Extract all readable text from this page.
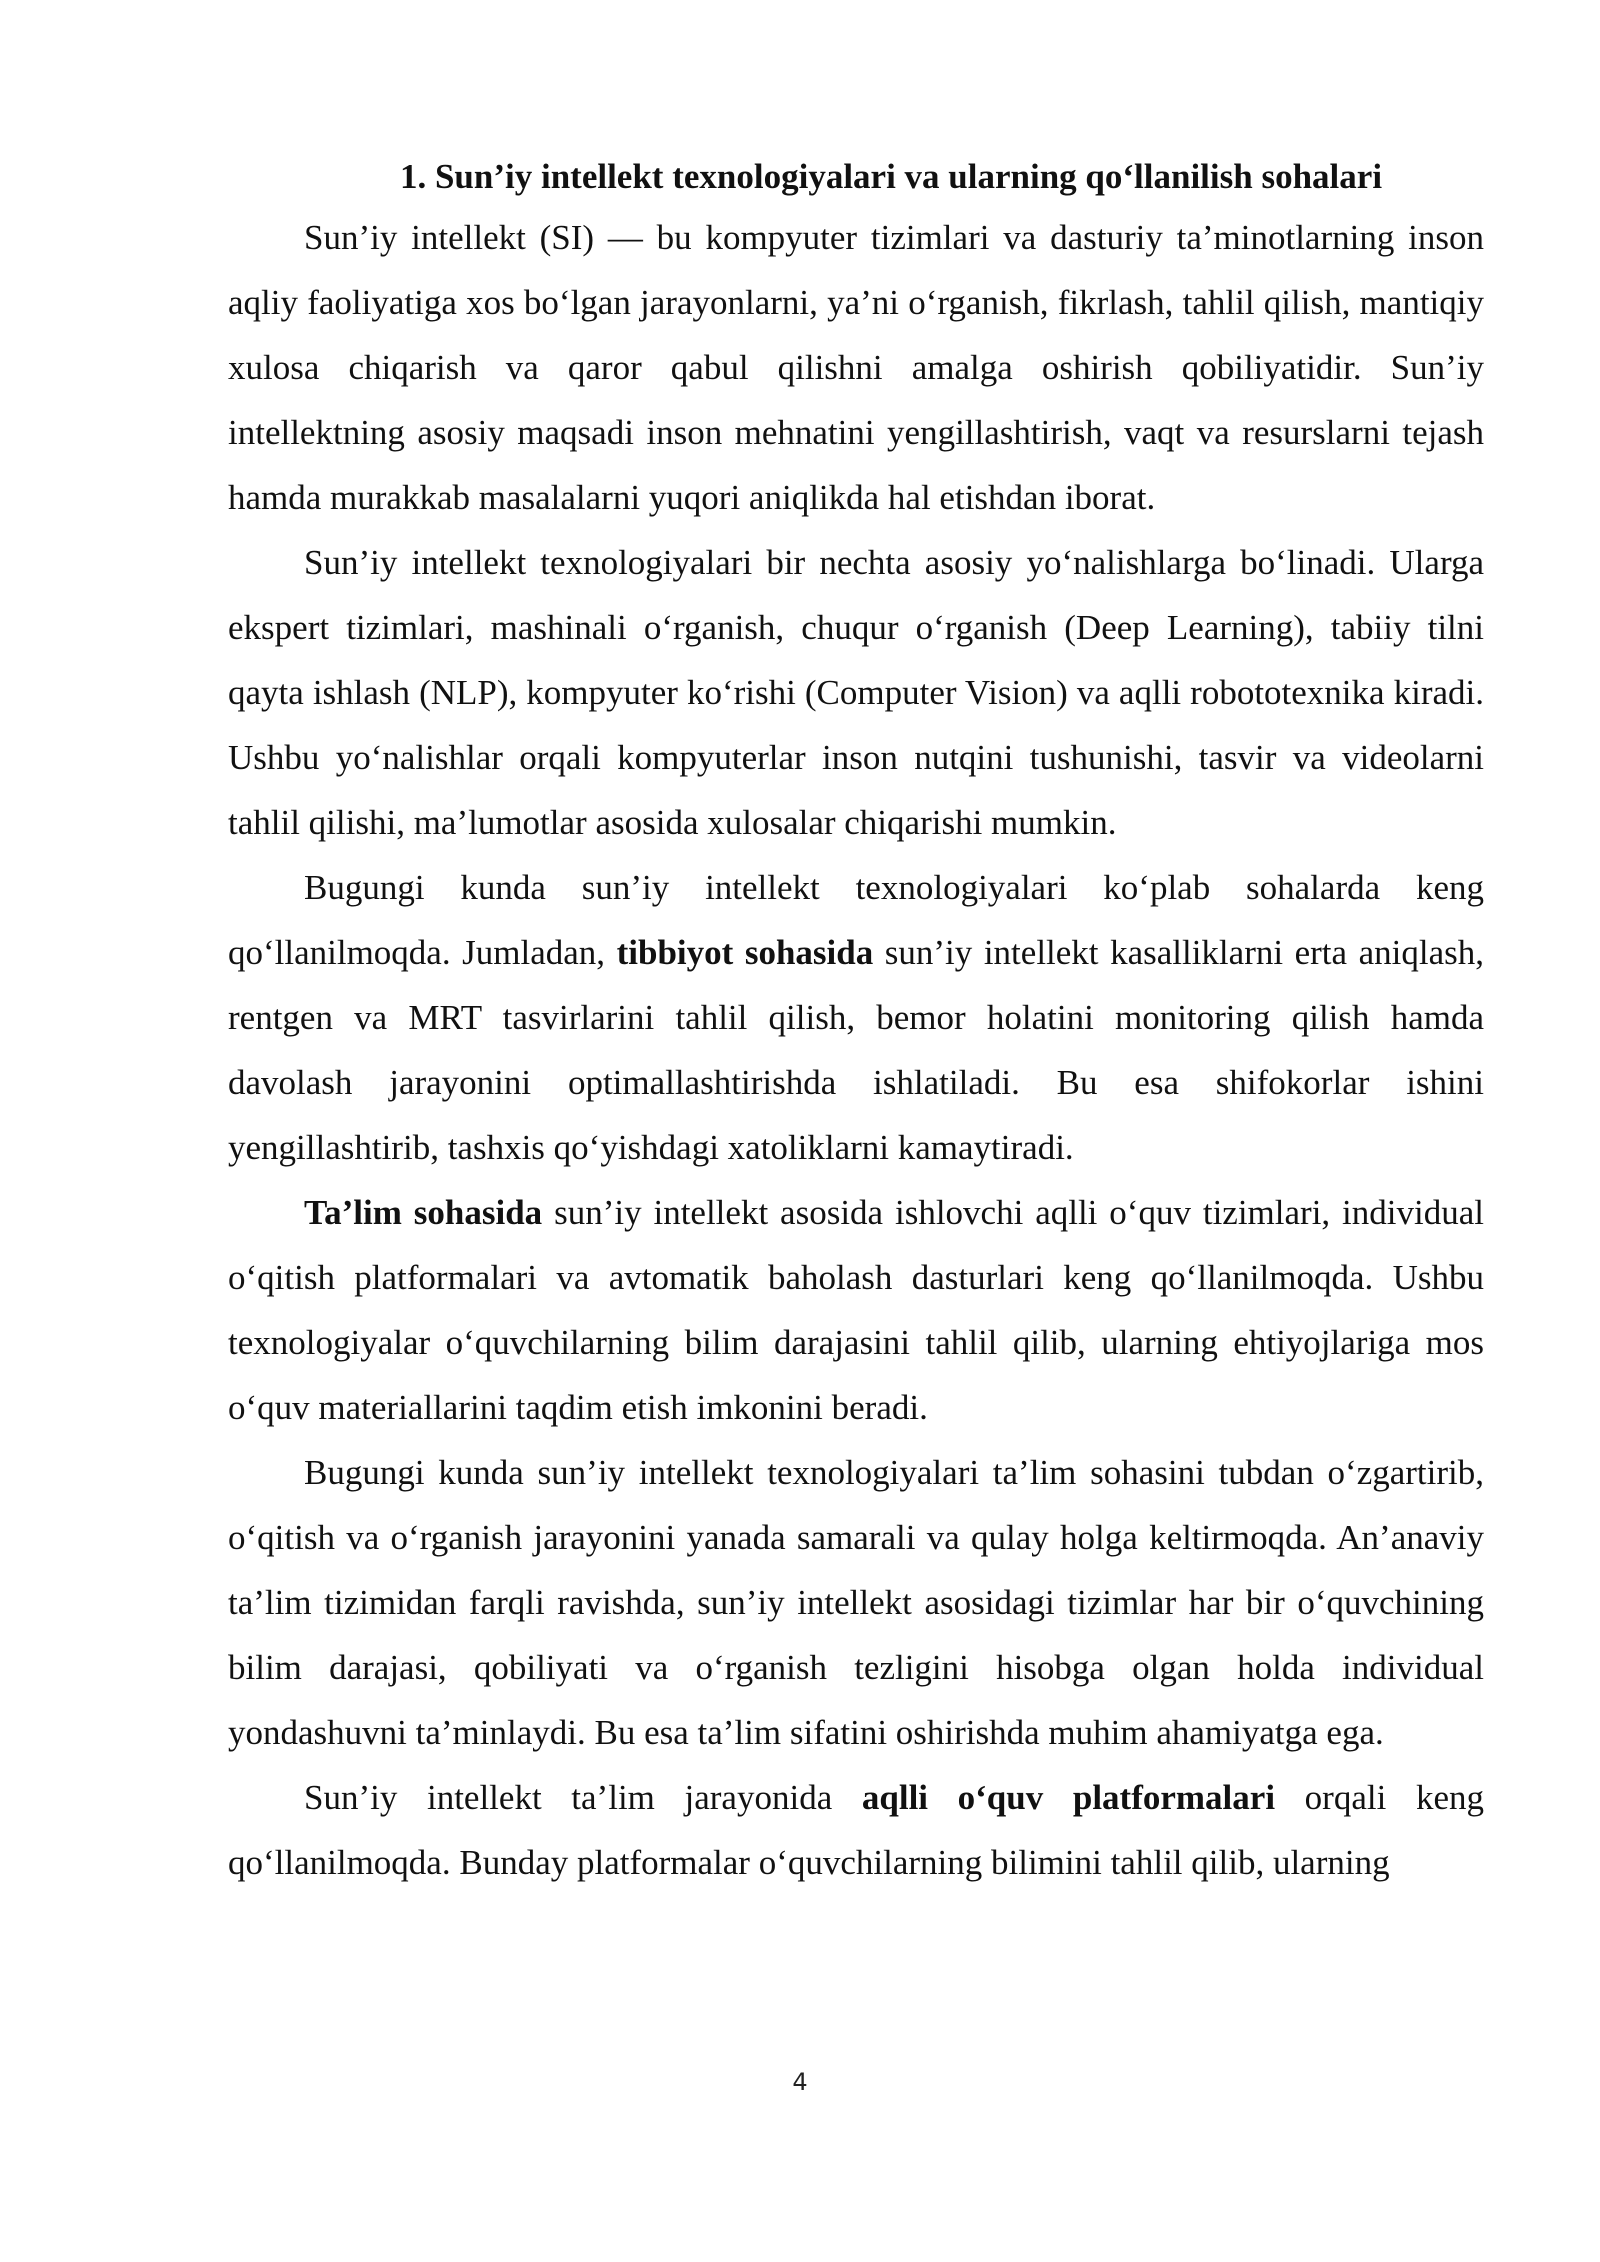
1. Sun’iy intellekt texnologiyalari va ularning qo‘llanilish sohalari

Sun’iy intellekt (SI) — bu kompyuter tizimlari va dasturiy ta’minotlarning inson aqliy faoliyatiga xos bo‘lgan jarayonlarni, ya’ni o‘rganish, fikrlash, tahlil qilish, mantiqiy xulosa chiqarish va qaror qabul qilishni amalga oshirish qobiliyatidir. Sun’iy intellektning asosiy maqsadi inson mehnatini yengillashtirish, vaqt va resurslarni tejash hamda murakkab masalalarni yuqori aniqlikda hal etishdan iborat.

Sun’iy intellekt texnologiyalari bir nechta asosiy yo‘nalishlarga bo‘linadi. Ularga ekspert tizimlari, mashinali o‘rganish, chuqur o‘rganish (Deep Learning), tabiiy tilni qayta ishlash (NLP), kompyuter ko‘rishi (Computer Vision) va aqlli robototexnika kiradi. Ushbu yo‘nalishlar orqali kompyuterlar inson nutqini tushunishi, tasvir va videolarni tahlil qilishi, ma’lumotlar asosida xulosalar chiqarishi mumkin.

Bugungi kunda sun’iy intellekt texnologiyalari ko‘plab sohalarda keng qo‘llanilmoqda. Jumladan, tibbiyot sohasida sun’iy intellekt kasalliklarni erta aniqlash, rentgen va MRT tasvirlarini tahlil qilish, bemor holatini monitoring qilish hamda davolash jarayonini optimallashtirishda ishlatiladi. Bu esa shifokorlar ishini yengillashtirib, tashxis qo‘yishdagi xatoliklarni kamaytiradi.

Ta’lim sohasida sun’iy intellekt asosida ishlovchi aqlli o‘quv tizimlari, individual o‘qitish platformalari va avtomatik baholash dasturlari keng qo‘llanilmoqda. Ushbu texnologiyalar o‘quvchilarning bilim darajasini tahlil qilib, ularning ehtiyojlariga mos o‘quv materiallarini taqdim etish imkonini beradi.

Bugungi kunda sun’iy intellekt texnologiyalari ta’lim sohasini tubdan o‘zgartirib, o‘qitish va o‘rganish jarayonini yanada samarali va qulay holga keltirmoqda. An’anaviy ta’lim tizimidan farqli ravishda, sun’iy intellekt asosidagi tizimlar har bir o‘quvchining bilim darajasi, qobiliyati va o‘rganish tezligini hisobga olgan holda individual yondashuvni ta’minlaydi. Bu esa ta’lim sifatini oshirishda muhim ahamiyatga ega.

Sun’iy intellekt ta’lim jarayonida aqlli o‘quv platformalari orqali keng qo‘llanilmoqda. Bunday platformalar o‘quvchilarning bilimini tahlil qilib, ularning

4
